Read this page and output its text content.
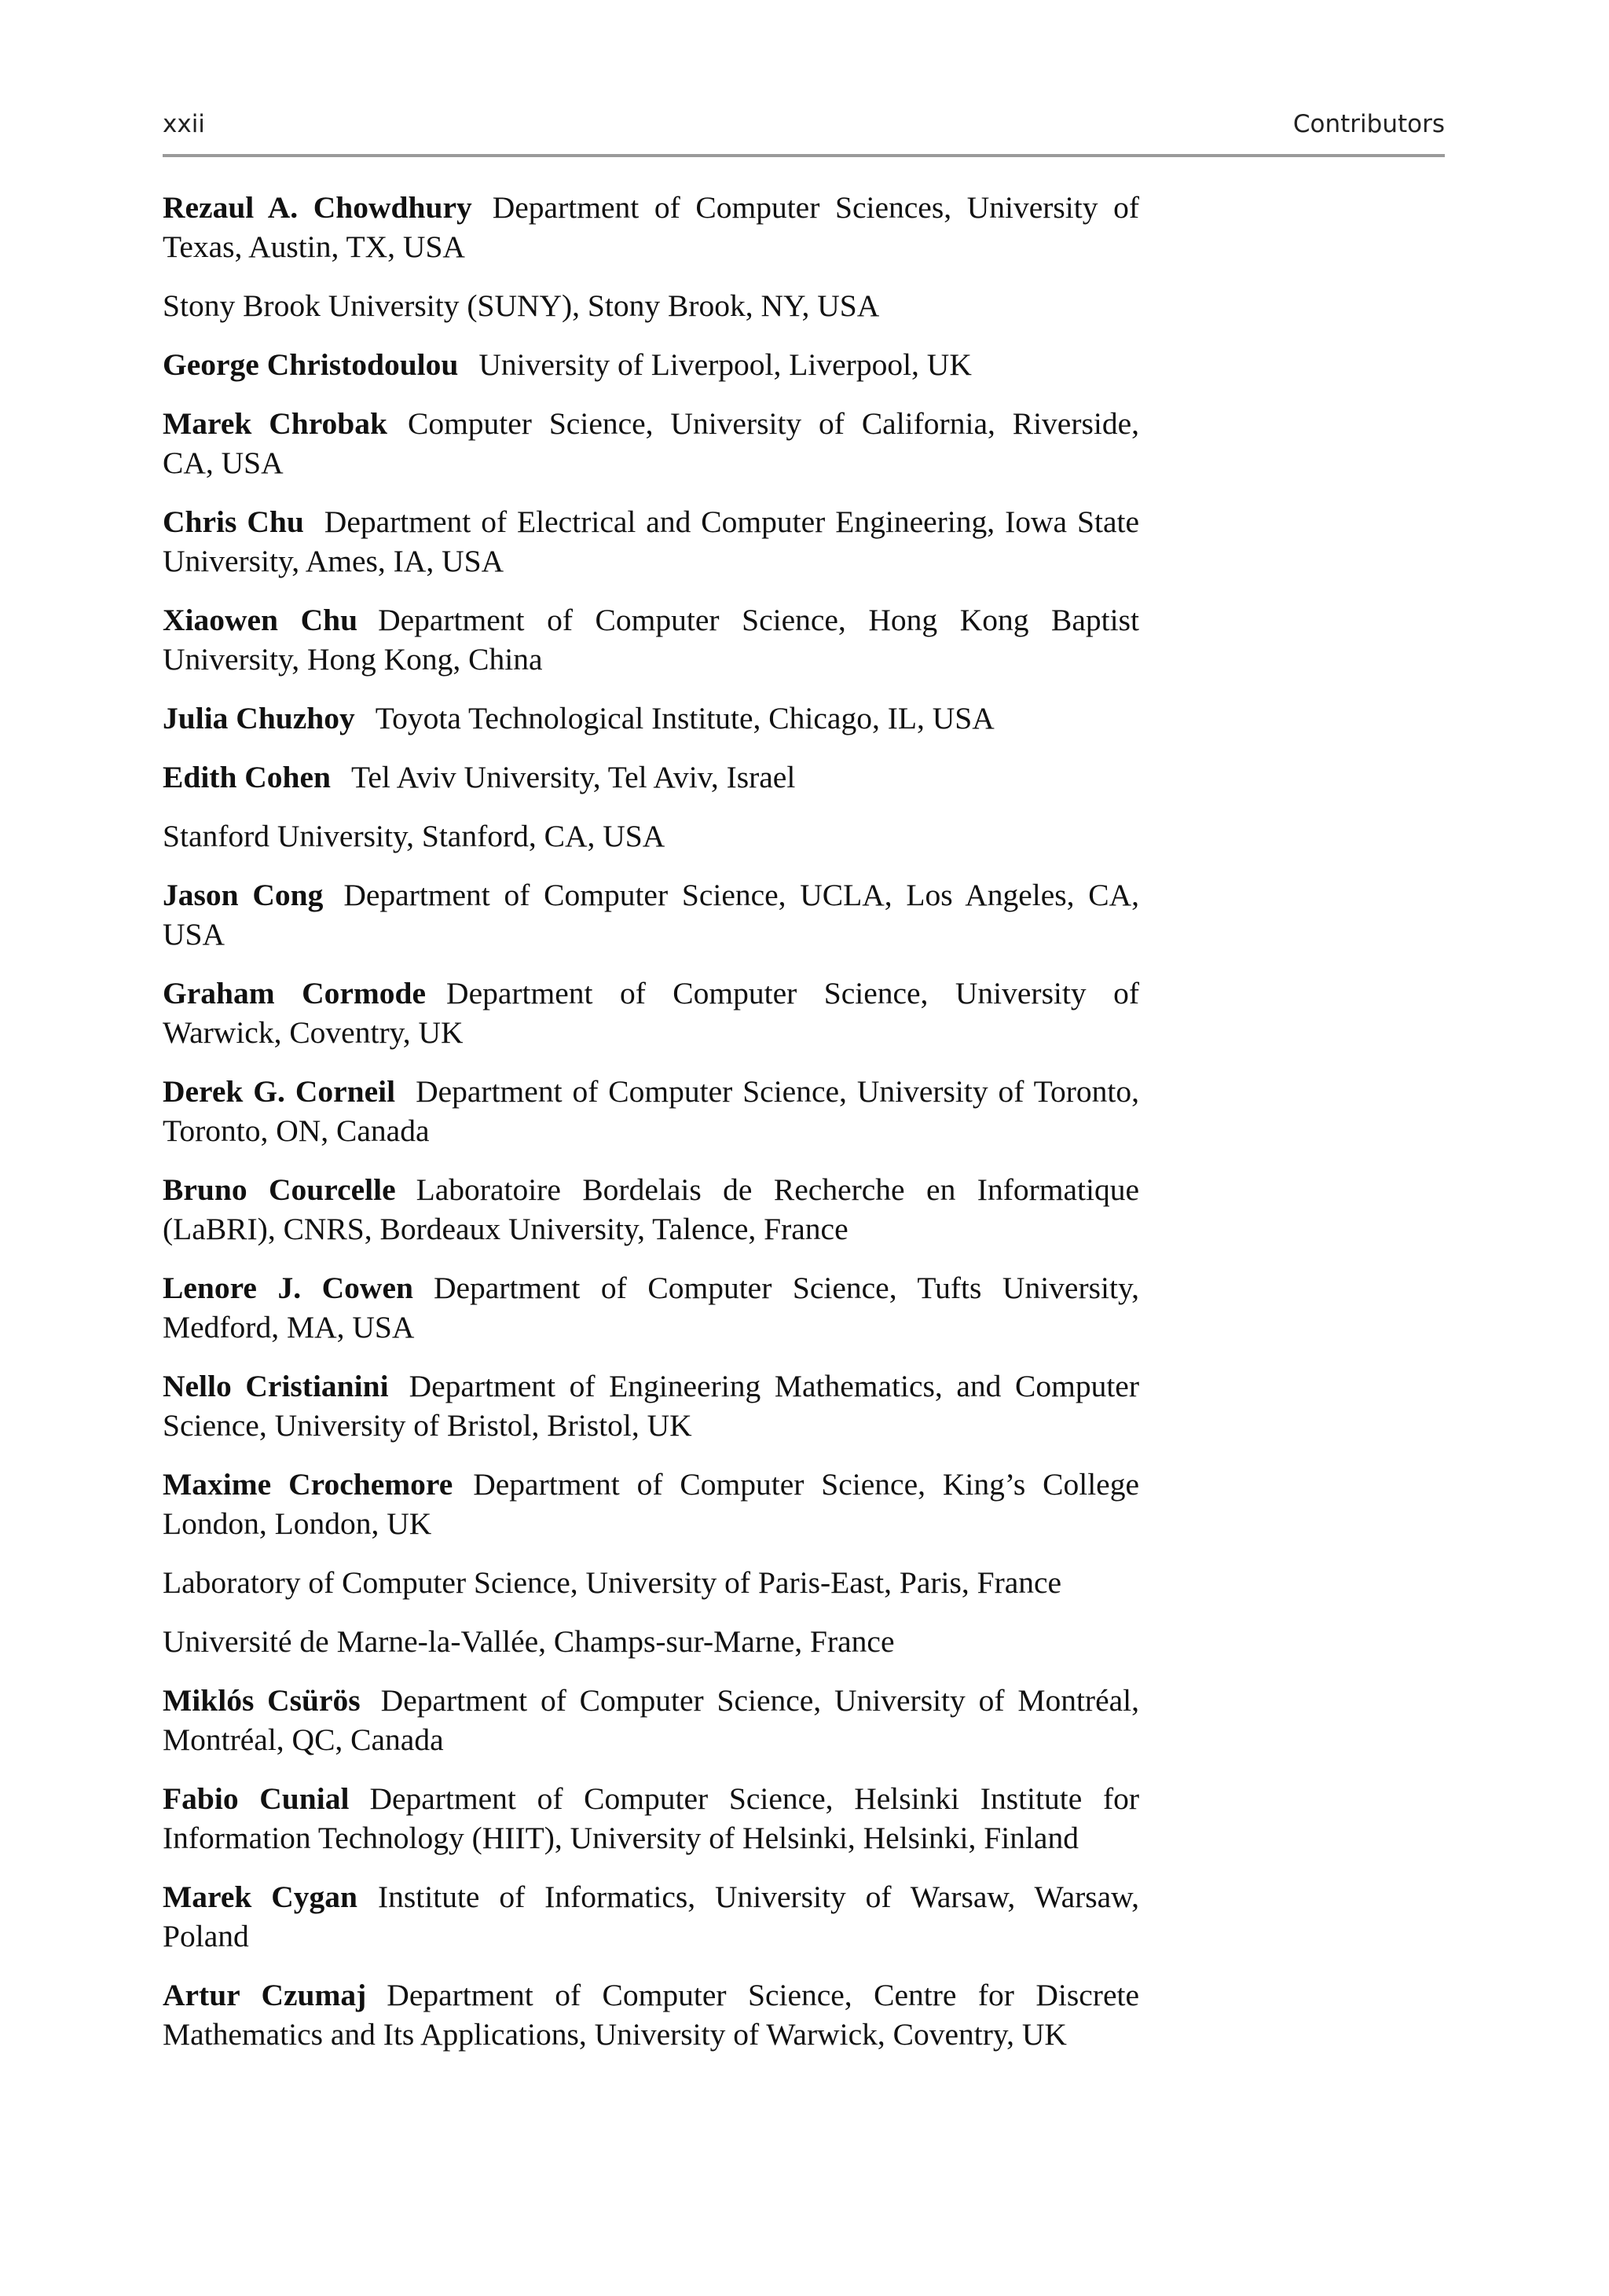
xxii	Contributors

Rezaul A. Chowdhury Department of Computer Sciences, University of Texas, Austin, TX, USA

Stony Brook University (SUNY), Stony Brook, NY, USA

George Christodoulou University of Liverpool, Liverpool, UK

Marek Chrobak Computer Science, University of California, Riverside, CA, USA

Chris Chu Department of Electrical and Computer Engineering, Iowa State University, Ames, IA, USA

Xiaowen Chu Department of Computer Science, Hong Kong Baptist University, Hong Kong, China

Julia Chuzhoy Toyota Technological Institute, Chicago, IL, USA

Edith Cohen Tel Aviv University, Tel Aviv, Israel

Stanford University, Stanford, CA, USA

Jason Cong Department of Computer Science, UCLA, Los Angeles, CA, USA

Graham Cormode Department of Computer Science, University of Warwick, Coventry, UK

Derek G. Corneil Department of Computer Science, University of Toronto, Toronto, ON, Canada

Bruno Courcelle Laboratoire Bordelais de Recherche en Informatique (LaBRI), CNRS, Bordeaux University, Talence, France

Lenore J. Cowen Department of Computer Science, Tufts University, Medford, MA, USA

Nello Cristianini Department of Engineering Mathematics, and Computer Science, University of Bristol, Bristol, UK

Maxime Crochemore Department of Computer Science, King’s College London, London, UK

Laboratory of Computer Science, University of Paris-East, Paris, France

Université de Marne-la-Vallée, Champs-sur-Marne, France

Miklós Csürös Department of Computer Science, University of Montréal, Montréal, QC, Canada

Fabio Cunial Department of Computer Science, Helsinki Institute for Information Technology (HIIT), University of Helsinki, Helsinki, Finland

Marek Cygan Institute of Informatics, University of Warsaw, Warsaw, Poland

Artur Czumaj Department of Computer Science, Centre for Discrete Mathematics and Its Applications, University of Warwick, Coventry, UK
